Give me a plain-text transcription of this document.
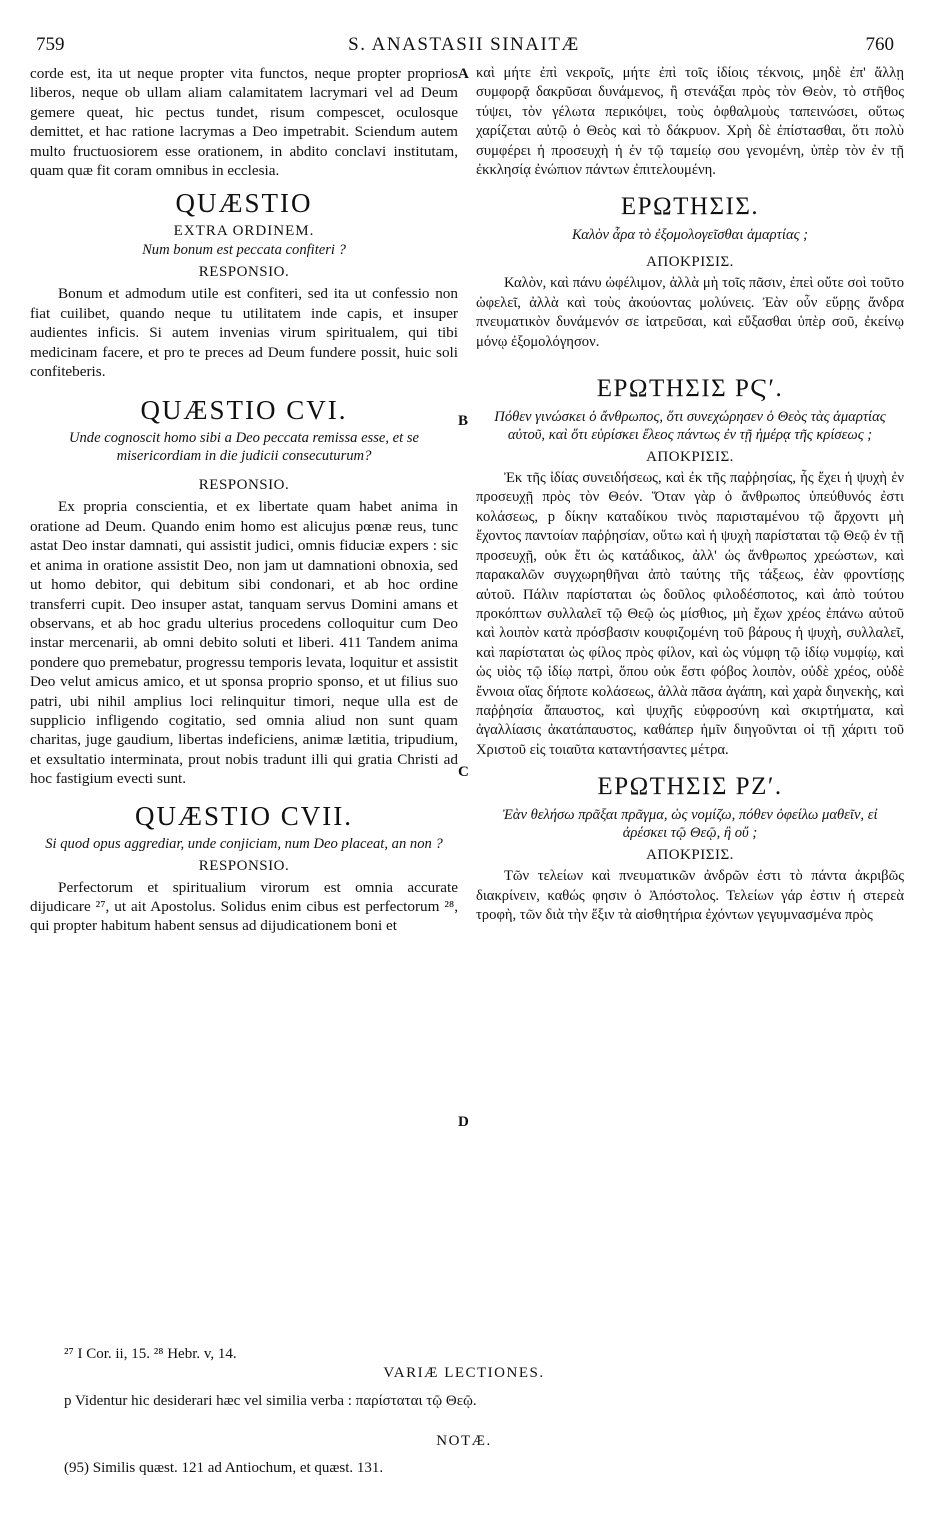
759	S. ANASTASII SINAITÆ	760

corde est, ita ut neque propter vita functos, neque propter proprios liberos, neque ob ullam aliam calamitatem lacrymari vel ad Deum gemere queat, hic pectus tundet, risum compescet, oculosque demittet, et hac ratione lacrymas a Deo impetrabit. Sciendum autem multo fructuosiorem esse orationem, in abdito conclavi institutam, quam quæ fit coram omnibus in ecclesia.

QUÆSTIO
EXTRA ORDINEM.
Num bonum est peccata confiteri ?
RESPONSIO.

Bonum et admodum utile est confiteri, sed ita ut confessio non fiat cuilibet, quando neque tu utilitatem inde capis, et insuper audientes inficis. Si autem invenias virum spiritualem, qui tibi medicinam facere, et pro te preces ad Deum fundere possit, huic soli confiteberis.

QUÆSTIO CVI.
Unde cognoscit homo sibi a Deo peccata remissa esse, et se misericordiam in die judicii consecuturum?
RESPONSIO.

Ex propria conscientia, et ex libertate quam habet anima in oratione ad Deum. Quando enim homo est alicujus pœnæ reus, tunc astat Deo instar damnati, qui assistit judici, omnis fiduciæ expers : sic et anima in oratione assistit Deo, non jam ut damnationi obnoxia, sed ut homo debitor, qui debitum sibi condonari, et ab hoc ordine transferri cupit. Deo insuper astat, tanquam servus Domini amans et observans, et ab hoc gradu ulterius procedens colloquitur cum Deo instar mercenarii, ab omni debito soluti et liberi. 411 Tandem anima pondere quo premebatur, progressu temporis levata, loquitur et assistit Deo velut amicus amico, et ut sponsa proprio sponso, et ut filius suo patri, ubi nihil amplius loci relinquitur timori, neque ulla est de supplicio infligendo cogitatio, sed omnia aliud non sunt quam charitas, juge gaudium, libertas indeficiens, animæ lætitia, tripudium, et exsultatio interminata, prout nobis tradunt illi qui gratia Christi ad hoc fastigium evecti sunt.

QUÆSTIO CVII.
Si quod opus aggrediar, unde conjiciam, num Deo placeat, an non ?
RESPONSIO.

Perfectorum et spiritualium virorum est omnia accurate dijudicare ²⁷, ut ait Apostolus. Solidus enim cibus est perfectorum ²⁸, qui propter habitum habent sensus ad dijudicationem boni et

A
B
C
D

καὶ μήτε ἐπὶ νεκροῖς, μήτε ἐπὶ τοῖς ἰδίοις τέκνοις, μηδὲ ἐπ' ἄλλῃ συμφορᾷ δακρῦσαι δυνάμενος, ἢ στενάξαι πρὸς τὸν Θεὸν, τὸ στῆθος τύψει, τὸν γέλωτα περικόψει, τοὺς ὀφθαλμοὺς ταπεινώσει, οὕτως χαρίζεται αὐτῷ ὁ Θεὸς καὶ τὸ δάκρυον. Χρὴ δὲ ἐπίστασθαι, ὅτι πολὺ συμφέρει ἡ προσευχὴ ἡ ἐν τῷ ταμείῳ σου γενομένη, ὑπὲρ τὸν ἐν τῇ ἐκκλησίᾳ ἐνώπιον πάντων ἐπιτελουμένη.

ΕΡΩΤΗΣΙΣ.
Καλὸν ἆρα τὸ ἐξομολογεῖσθαι ἁμαρτίας ;
ΑΠΟΚΡΙΣΙΣ.

Καλὸν, καὶ πάνυ ὠφέλιμον, ἀλλὰ μὴ τοῖς πᾶσιν, ἐπεὶ οὔτε σοὶ τοῦτο ὠφελεῖ, ἀλλὰ καὶ τοὺς ἀκούοντας μολύνεις. Ἐὰν οὖν εὕρῃς ἄνδρα πνευματικὸν δυνάμενόν σε ἰατρεῦσαι, καὶ εὔξασθαι ὑπὲρ σοῦ, ἐκείνῳ μόνῳ ἐξομολόγησον.

ΕΡΩΤΗΣΙΣ ΡϚʹ.
Πόθεν γινώσκει ὁ ἄνθρωπος, ὅτι συνεχώρησεν ὁ Θεὸς τὰς ἁμαρτίας αὐτοῦ, καὶ ὅτι εὑρίσκει ἔλεος πάντως ἐν τῇ ἡμέρᾳ τῆς κρίσεως ;
ΑΠΟΚΡΙΣΙΣ.

Ἐκ τῆς ἰδίας συνειδήσεως, καὶ ἐκ τῆς παῤῥησίας, ἧς ἔχει ἡ ψυχὴ ἐν προσευχῇ πρὸς τὸν Θεόν. Ὅταν γὰρ ὁ ἄνθρωπος ὑπεύθυνός ἐστι κολάσεως, p δίκην καταδίκου τινὸς παρισταμένου τῷ ἄρχοντι μὴ ἔχοντος παντοίαν παῤῥησίαν, οὕτω καὶ ἡ ψυχὴ παρίσταται τῷ Θεῷ ἐν τῇ προσευχῇ, οὐκ ἔτι ὡς κατάδικος, ἀλλ' ὡς ἄνθρωπος χρεώστων, καὶ παρακαλῶν συγχωρηθῆναι ἀπὸ ταύτης τῆς τάξεως, ἐὰν φροντίσῃς αὐτοῦ. Πάλιν παρίσταται ὡς δοῦλος φιλοδέσποτος, καὶ ἀπὸ τούτου προκόπτων συλλαλεῖ τῷ Θεῷ ὡς μίσθιος, μὴ ἔχων χρέος ἐπάνω αὐτοῦ καὶ λοιπὸν κατὰ πρόσβασιν κουφιζομένη τοῦ βάρους ἡ ψυχὴ, συλλαλεῖ, καὶ παρίσταται ὡς φίλος πρὸς φίλον, καὶ ὡς νύμφη τῷ ἰδίῳ νυμφίῳ, καὶ ὡς υἱὸς τῷ ἰδίῳ πατρὶ, ὅπου οὐκ ἔστι φόβος λοιπὸν, οὐδὲ χρέος, οὐδὲ ἔννοια οἵας δήποτε κολάσεως, ἀλλὰ πᾶσα ἀγάπη, καὶ χαρὰ διηνεκὴς, καὶ παῤῥησία ἄπαυστος, καὶ ψυχῆς εὐφροσύνη καὶ σκιρτήματα, καὶ ἀγαλλίασις ἀκατάπαυστος, καθάπερ ἡμῖν διηγοῦνται οἱ τῇ χάριτι τοῦ Χριστοῦ εἰς τοιαῦτα καταντήσαντες μέτρα.

ΕΡΩΤΗΣΙΣ ΡΖʹ.
Ἐὰν θελήσω πρᾶξαι πρᾶγμα, ὡς νομίζω, πόθεν ὀφείλω μαθεῖν, εἰ ἀρέσκει τῷ Θεῷ, ἢ οὔ ;
ΑΠΟΚΡΙΣΙΣ.

Τῶν τελείων καὶ πνευματικῶν ἀνδρῶν ἐστι τὸ πάντα ἀκριβῶς διακρίνειν, καθώς φησιν ὁ Ἀπόστολος. Τελείων γάρ ἐστιν ἡ στερεὰ τροφὴ, τῶν διὰ τὴν ἕξιν τὰ αἰσθητήρια ἐχόντων γεγυμνασμένα πρὸς

²⁷ I Cor. ii, 15. ²⁸ Hebr. v, 14.
VARIÆ LECTIONES.
p Videntur hic desiderari hæc vel similia verba : παρίσταται τῷ Θεῷ.
NOTÆ.
(95) Similis quæst. 121 ad Antiochum, et quæst. 131.
